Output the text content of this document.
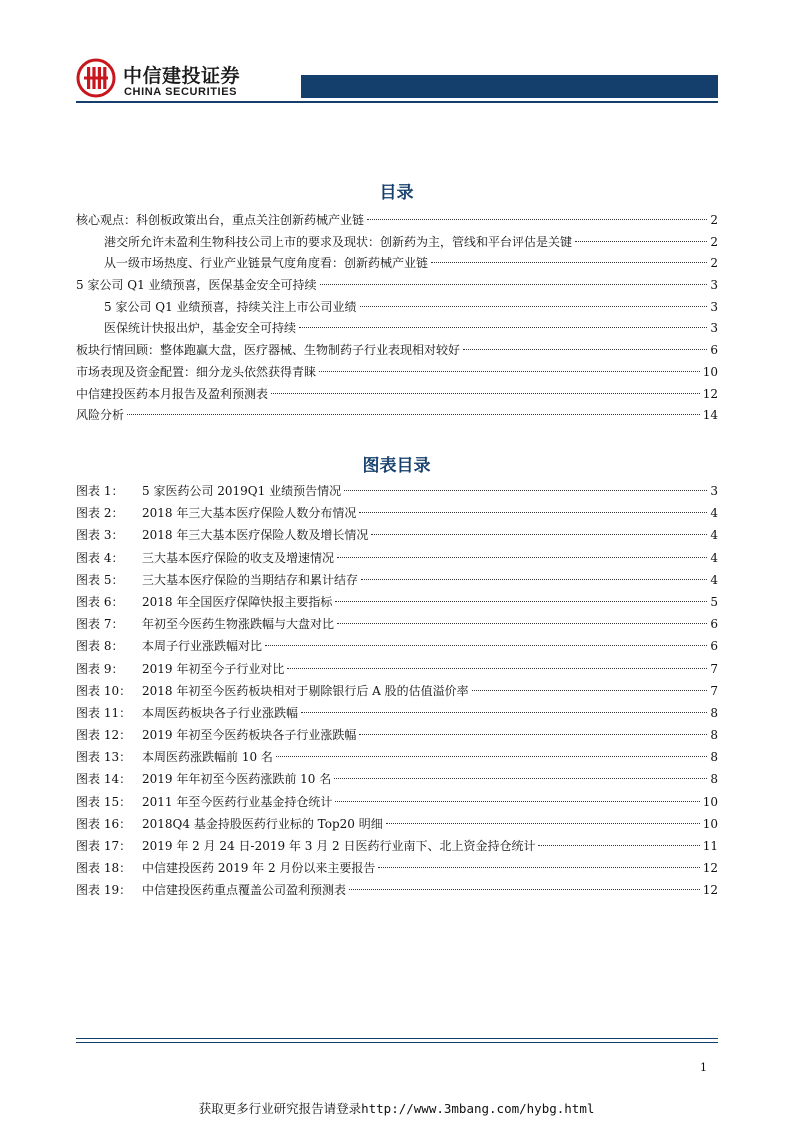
中信建投证券
CHINA SECURITIES
目录
核心观点：科创板政策出台，重点关注创新药械产业链	2
港交所允许未盈利生物科技公司上市的要求及现状：创新药为主，管线和平台评估是关键	2
从一级市场热度、行业产业链景气度角度看：创新药械产业链	2
5 家公司 Q1 业绩预喜，医保基金安全可持续	3
5 家公司 Q1 业绩预喜，持续关注上市公司业绩	3
医保统计快报出炉，基金安全可持续	3
板块行情回顾：整体跑赢大盘，医疗器械、生物制药子行业表现相对较好	6
市场表现及资金配置：细分龙头依然获得青睐	10
中信建投医药本月报告及盈利预测表	12
风险分析	14
图表目录
图表 1：	5 家医药公司 2019Q1 业绩预告情况	3
图表 2：	2018 年三大基本医疗保险人数分布情况	4
图表 3：	2018 年三大基本医疗保险人数及增长情况	4
图表 4：	三大基本医疗保险的收支及增速情况	4
图表 5：	三大基本医疗保险的当期结存和累计结存	4
图表 6：	2018 年全国医疗保障快报主要指标	5
图表 7：	年初至今医药生物涨跌幅与大盘对比	6
图表 8：	本周子行业涨跌幅对比	6
图表 9：	2019 年初至今子行业对比	7
图表 10： 2018 年初至今医药板块相对于剔除银行后 A 股的估值溢价率	7
图表 11： 本周医药板块各子行业涨跌幅	8
图表 12： 2019 年初至今医药板块各子行业涨跌幅	8
图表 13： 本周医药涨跌幅前 10 名	8
图表 14： 2019 年年初至今医药涨跌前 10 名	8
图表 15： 2011 年至今医药行业基金持仓统计	10
图表 16： 2018Q4 基金持股医药行业标的 Top20 明细	10
图表 17： 2019 年 2 月 24 日-2019 年 3 月 2 日医药行业南下、北上资金持仓统计	11
图表 18： 中信建投医药 2019 年 2 月份以来主要报告	12
图表 19： 中信建投医药重点覆盖公司盈利预测表	12
1
获取更多行业研究报告请登录http://www.3mbang.com/hybg.html
